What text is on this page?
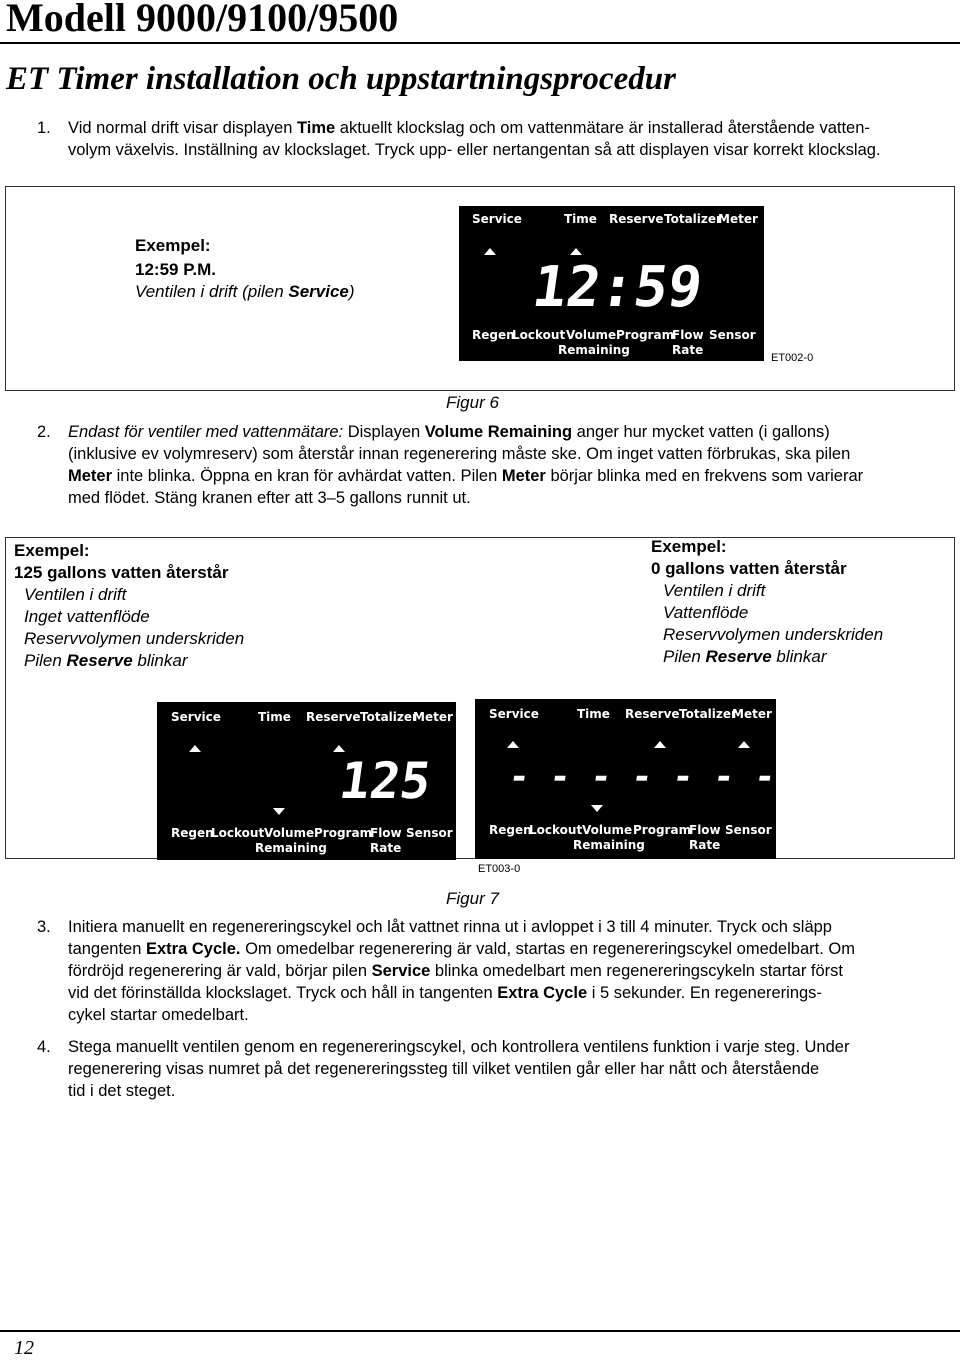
Modell 9000/9100/9500
ET Timer installation och uppstartningsprocedur
1. Vid normal drift visar displayen Time aktuellt klockslag och om vattenmätare är installerad återstående vatten-
volym växelvis. Inställning av klockslaget. Tryck upp- eller nertangentan så att displayen visar korrekt klockslag.
Exempel:
12:59 P.M.
Ventilen i drift (pilen Service)
Service	Time Reserve Totalizer
Meter
12:59
Regen
Lockout Volume
Remaining
Program
Flow
Rate
Sensor
ET002-0
Figur 6
2. Endast för ventiler med vattenmätare: Displayen Volume Remaining anger hur mycket vatten (i gallons)
(inklusive ev volymreserv) som återstår innan regenerering måste ske. Om inget vatten förbrukas, ska pilen
Meter inte blinka. Öppna en kran för avhärdat vatten. Pilen Meter börjar blinka med en frekvens som varierar
med flödet. Stäng kranen efter att 3–5 gallons runnit ut.
Exempel:
125 gallons vatten återstår
Ventilen i drift
Inget vattenflöde
Reservvolymen underskriden
Pilen Reserve blinkar
Exempel:
0 gallons vatten återstår
Ventilen i drift
Vattenflöde
Reservvolymen underskriden
Pilen Reserve blinkar
Service	Time Reserve Totalizer
Meter
125
Regen
Lockout Volume
Remaining
Program
Flow
Rate
Sensor
Service	Time Reserve Totalizer
Meter
- - - - - - -
Regen
Lockout Volume
Remaining
Program
Flow
Rate
Sensor
ET003-0
Figur 7
3. Initiera manuellt en regenereringscykel och låt vattnet rinna ut i avloppet i 3 till 4 minuter. Tryck och släpp
tangenten Extra Cycle. Om omedelbar regenerering är vald, startas en regenereringscykel omedelbart. Om
fördröjd regenerering är vald, börjar pilen Service blinka omedelbart men regenereringscykeln startar först
vid det förinställda klockslaget. Tryck och håll in tangenten Extra Cycle i 5 sekunder. En regenererings-
cykel startar omedelbart.
4. Stega manuellt ventilen genom en regenereringscykel, och kontrollera ventilens funktion i varje steg. Under
regenerering visas numret på det regenereringssteg till vilket ventilen går eller har nått och återstående
tid i det steget.
12
